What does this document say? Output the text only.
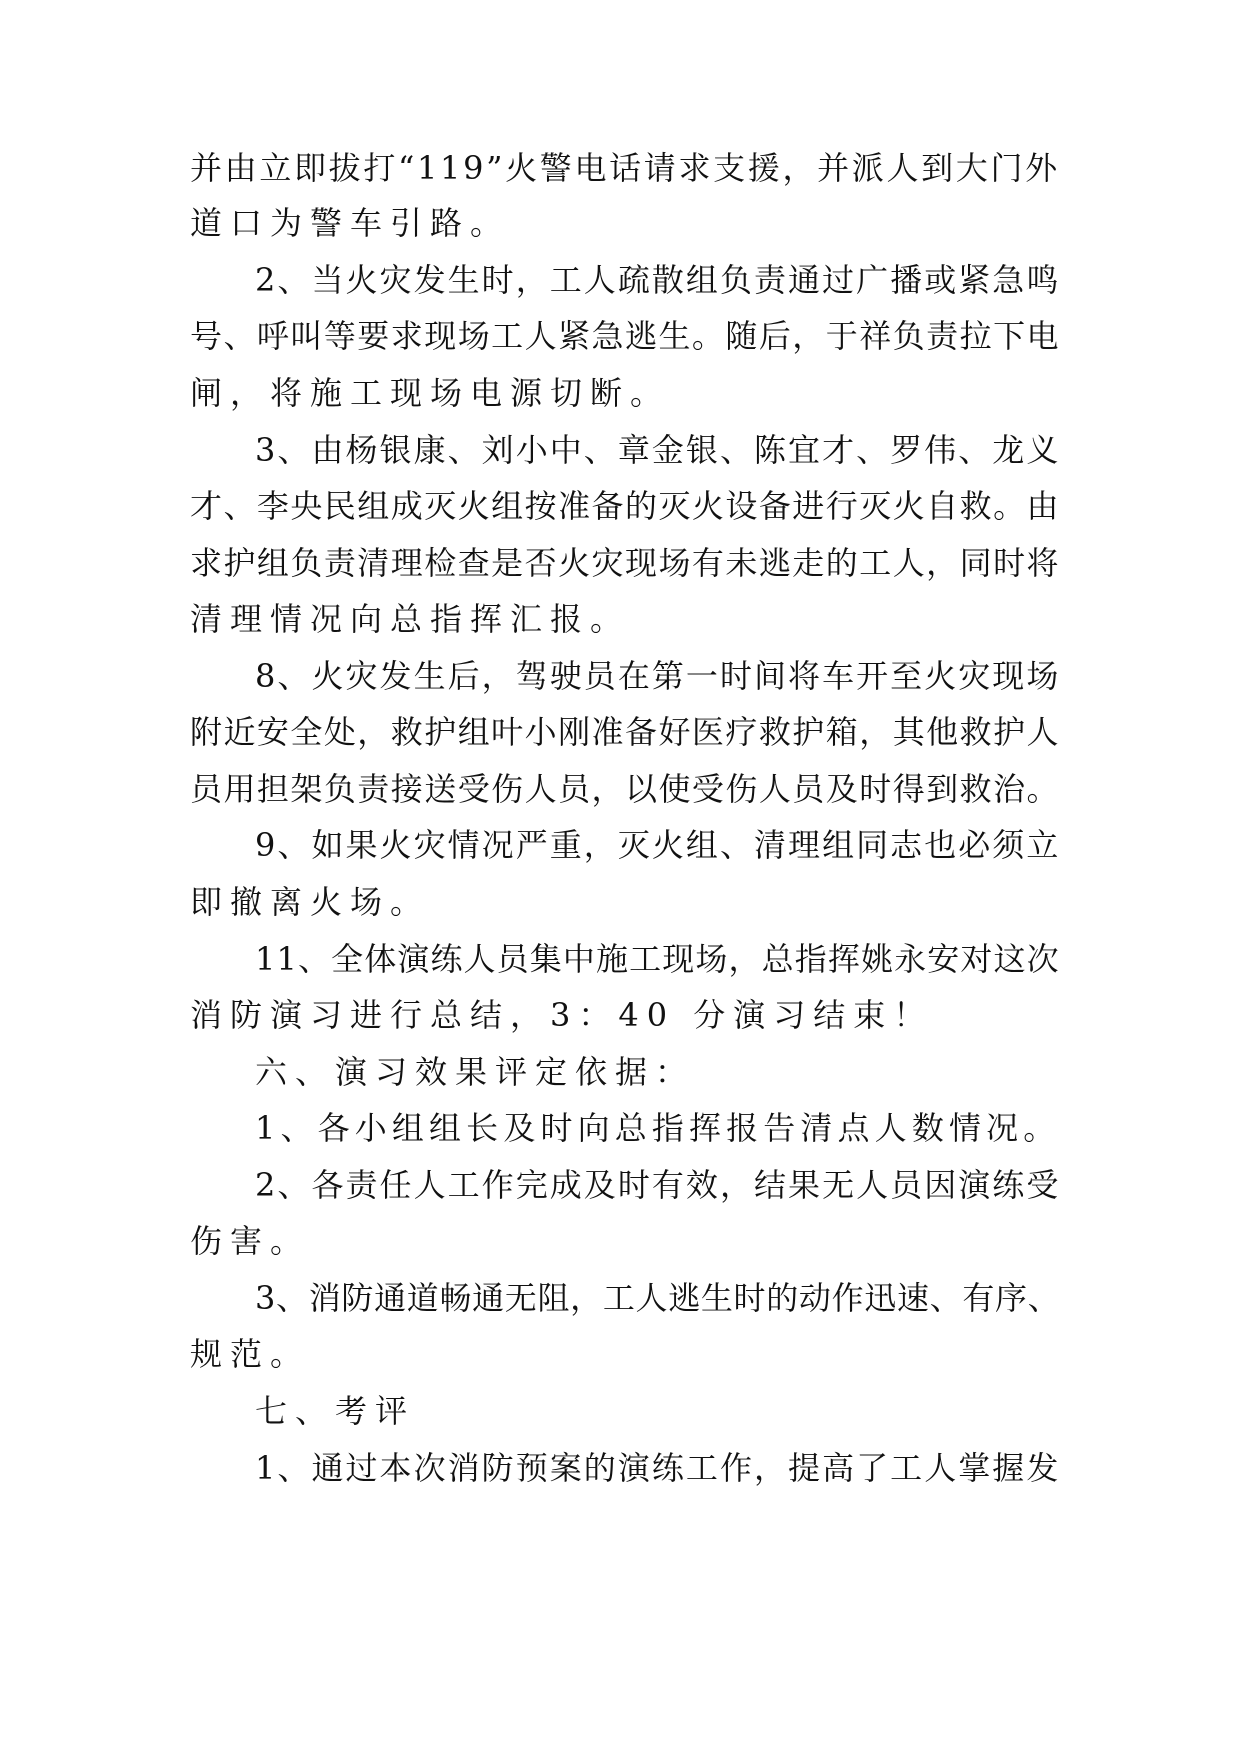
并由立即拔打“119”火警电话请求支援，并派人到大门外
道口为警车引路。
2、当火灾发生时，工人疏散组负责通过广播或紧急鸣
号、呼叫等要求现场工人紧急逃生。随后，于祥负责拉下电
闸，将施工现场电源切断。
3、由杨银康、刘小中、章金银、陈宜才、罗伟、龙义
才、李央民组成灭火组按准备的灭火设备进行灭火自救。由
求护组负责清理检查是否火灾现场有未逃走的工人，同时将
清理情况向总指挥汇报。
8、火灾发生后，驾驶员在第一时间将车开至火灾现场
附近安全处，救护组叶小刚准备好医疗救护箱，其他救护人
员用担架负责接送受伤人员，以使受伤人员及时得到救治。
9、如果火灾情况严重，灭火组、清理组同志也必须立
即撤离火场。
11、全体演练人员集中施工现场，总指挥姚永安对这次
消防演习进行总结，3：40 分演习结束！
六、演习效果评定依据：
1、各小组组长及时向总指挥报告清点人数情况。
2、各责任人工作完成及时有效，结果无人员因演练受
伤害。
3、消防通道畅通无阻，工人逃生时的动作迅速、有序、
规范。
七、考评
1、通过本次消防预案的演练工作，提高了工人掌握发
